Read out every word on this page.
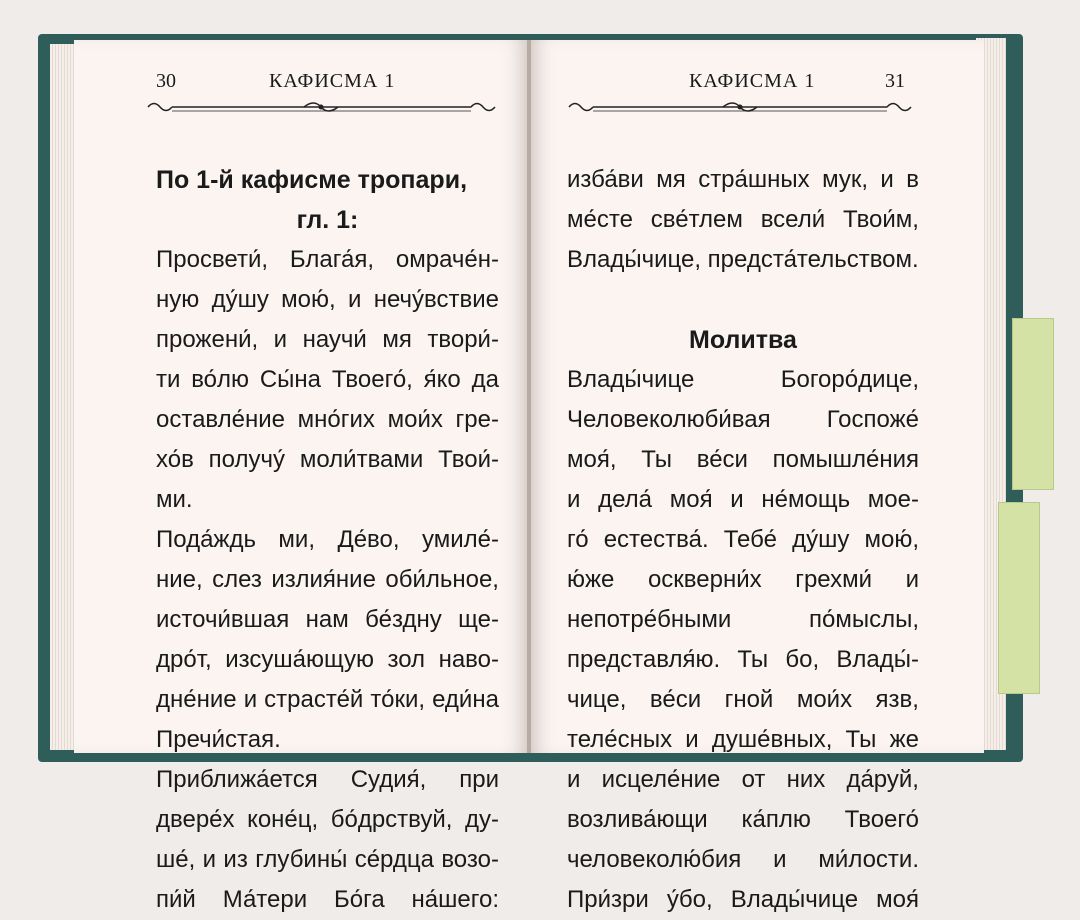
30	КАФИСМА 1
По 1-й кафисме тропари,
гл. 1:
Просвети́, Блага́я, омраче́н-
ную ду́шу мою́, и нечу́вствие
прожени́, и научи́ мя твори́-
ти во́лю Сы́на Твоего́, я́ко да
оставле́ние мно́гих мои́х гре-
хо́в получу́ моли́твами Твои́-
ми.
Пода́ждь ми, Де́во, умиле́-
ние, слез излия́ние оби́льное,
источи́вшая нам бе́здну ще-
дро́т, изсуша́ющую зол наво-
дне́ние и страсте́й то́ки, еди́на
Пречи́стая.
Приближа́ется Судия́, при
двере́х коне́ц, бо́дрствуй, ду-
ше́, и из глубины́ се́рдца возо-
пи́й Ма́тери Бо́га на́шего:
КАФИСМА 1	31
изба́ви мя стра́шных мук, и в
ме́сте све́тлем всели́ Твои́м,
Влады́чице, предста́тельством.
Молитва
Влады́чице	Богоро́дице,
Человеколюби́вая Госпоже́
моя́, Ты ве́си помышле́ния
и дела́ моя́ и не́мощь мое-
го́ естества́. Тебе́ ду́шу мою́,
ю́же оскверни́х грехми́ и
непотре́бными	по́мыслы,
представля́ю. Ты бо, Влады́-
чице, ве́си гной мои́х язв,
теле́сных и душе́вных, Ты же
и исцеле́ние от них да́руй,
возлива́ющи ка́плю Твоего́
человеколю́бия и ми́лости.
При́зри у́бо, Влады́чице моя́
